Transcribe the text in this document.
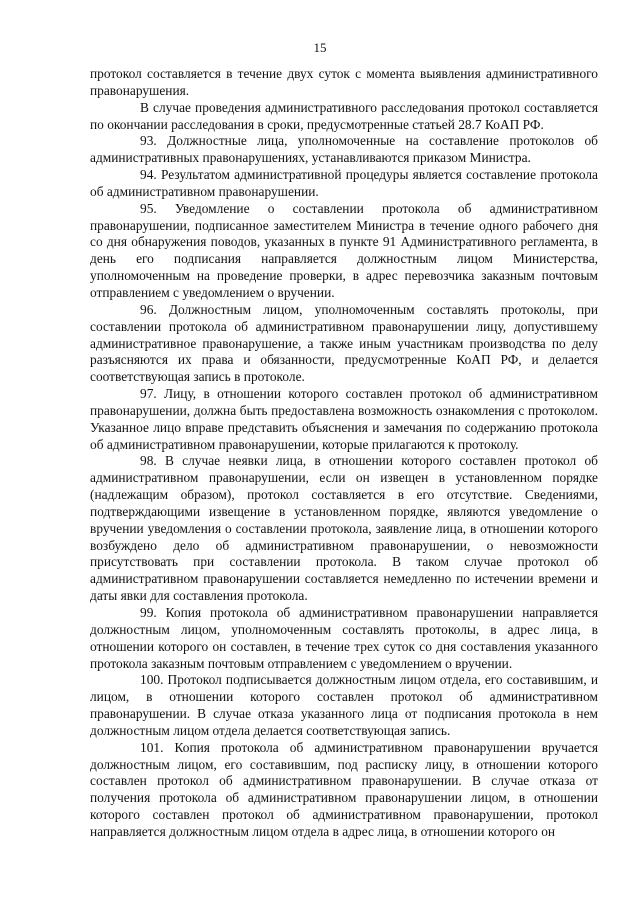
15

протокол составляется в течение двух суток с момента выявления административного правонарушения.

В случае проведения административного расследования протокол составляется по окончании расследования в сроки, предусмотренные статьей 28.7 КоАП РФ.

93. Должностные лица, уполномоченные на составление протоколов об административных правонарушениях, устанавливаются приказом Министра.

94. Результатом административной процедуры является составление протокола об административном правонарушении.

95. Уведомление о составлении протокола об административном правонарушении, подписанное заместителем Министра в течение одного рабочего дня со дня обнаружения поводов, указанных в пункте 91 Административного регламента, в день его подписания направляется должностным лицом Министерства, уполномоченным на проведение проверки, в адрес перевозчика заказным почтовым отправлением с уведомлением о вручении.

96. Должностным лицом, уполномоченным составлять протоколы, при составлении протокола об административном правонарушении лицу, допустившему административное правонарушение, а также иным участникам производства по делу разъясняются их права и обязанности, предусмотренные КоАП РФ, и делается соответствующая запись в протоколе.

97. Лицу, в отношении которого составлен протокол об административном правонарушении, должна быть предоставлена возможность ознакомления с протоколом. Указанное лицо вправе представить объяснения и замечания по содержанию протокола об административном правонарушении, которые прилагаются к протоколу.

98. В случае неявки лица, в отношении которого составлен протокол об административном правонарушении, если он извещен в установленном порядке (надлежащим образом), протокол составляется в его отсутствие. Сведениями, подтверждающими извещение в установленном порядке, являются уведомление о вручении уведомления о составлении протокола, заявление лица, в отношении которого возбуждено дело об административном правонарушении, о невозможности присутствовать при составлении протокола. В таком случае протокол об административном правонарушении составляется немедленно по истечении времени и даты явки для составления протокола.

99. Копия протокола об административном правонарушении направляется должностным лицом, уполномоченным составлять протоколы, в адрес лица, в отношении которого он составлен, в течение трех суток со дня составления указанного протокола заказным почтовым отправлением с уведомлением о вручении.

100. Протокол подписывается должностным лицом отдела, его составившим, и лицом, в отношении которого составлен протокол об административном правонарушении. В случае отказа указанного лица от подписания протокола в нем должностным лицом отдела делается соответствующая запись.

101. Копия протокола об административном правонарушении вручается должностным лицом, его составившим, под расписку лицу, в отношении которого составлен протокол об административном правонарушении. В случае отказа от получения протокола об административном правонарушении лицом, в отношении которого составлен протокол об административном правонарушении, протокол направляется должностным лицом отдела в адрес лица, в отношении которого он
